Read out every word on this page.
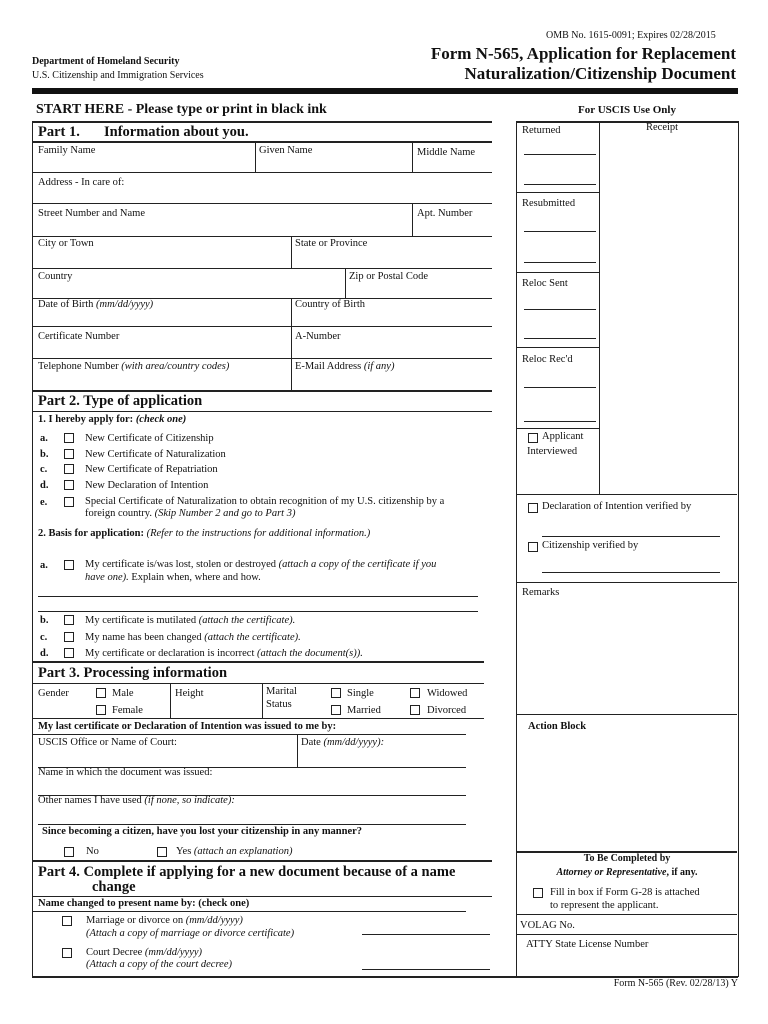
OMB No. 1615-0091; Expires 02/28/2015
Department of Homeland Security
U.S. Citizenship and Immigration Services
Form N-565, Application for Replacement
Naturalization/Citizenship Document
START HERE - Please type or print in black ink
Part 1. Information about you.
Family Name	Given Name	Middle Name
Address - In care of:
Street Number and Name	Apt. Number
City or Town	State or Province
Country	Zip or Postal Code
Date of Birth (mm/dd/yyyy)	Country of Birth
Certificate Number	A-Number
Telephone Number (with area/country codes)	E-Mail Address (if any)
Part 2. Type of application
1. I hereby apply for: (check one)
a.	New Certificate of Citizenship
b.	New Certificate of Naturalization
c.	New Certificate of Repatriation
d.	New Declaration of Intention
e.	Special Certificate of Naturalization to obtain recognition of my U.S. citizenship by a
foreign country. (Skip Number 2 and go to Part 3)
2. Basis for application: (Refer to the instructions for additional information.)
a.	My certificate is/was lost, stolen or destroyed (attach a copy of the certificate if you
have one). Explain when, where and how.
b.	My certificate is mutilated (attach the certificate).
c.	My name has been changed (attach the certificate).
d.	My certificate or declaration is incorrect (attach the document(s)).
Part 3. Processing information
Gender	Male
Female
Height	Marital
Status
Single
Married
Widowed
Divorced
My last certificate or Declaration of Intention was issued to me by:
USCIS Office or Name of Court:	Date (mm/dd/yyyy):
Name in which the document was issued:
Other names I have used (if none, so indicate):
Since becoming a citizen, have you lost your citizenship in any manner?
No	Yes (attach an explanation)
Part 4. Complete if applying for a new document because of a name
change
Name changed to present name by: (check one)
Marriage or divorce on (mm/dd/yyyy)
(Attach a copy of marriage or divorce certificate)
Court Decree (mm/dd/yyyy)
(Attach a copy of the court decree)
For USCIS Use Only
Returned	Receipt
Resubmitted
Reloc Sent
Reloc Rec'd
Applicant
Interviewed
Declaration of Intention verified by
Citizenship verified by
Remarks
Action Block
To Be Completed by
Attorney or Representative, if any.
Fill in box if Form G-28 is attached
to represent the applicant.
VOLAG No.
ATTY State License Number
Form N-565 (Rev. 02/28/13) Y
